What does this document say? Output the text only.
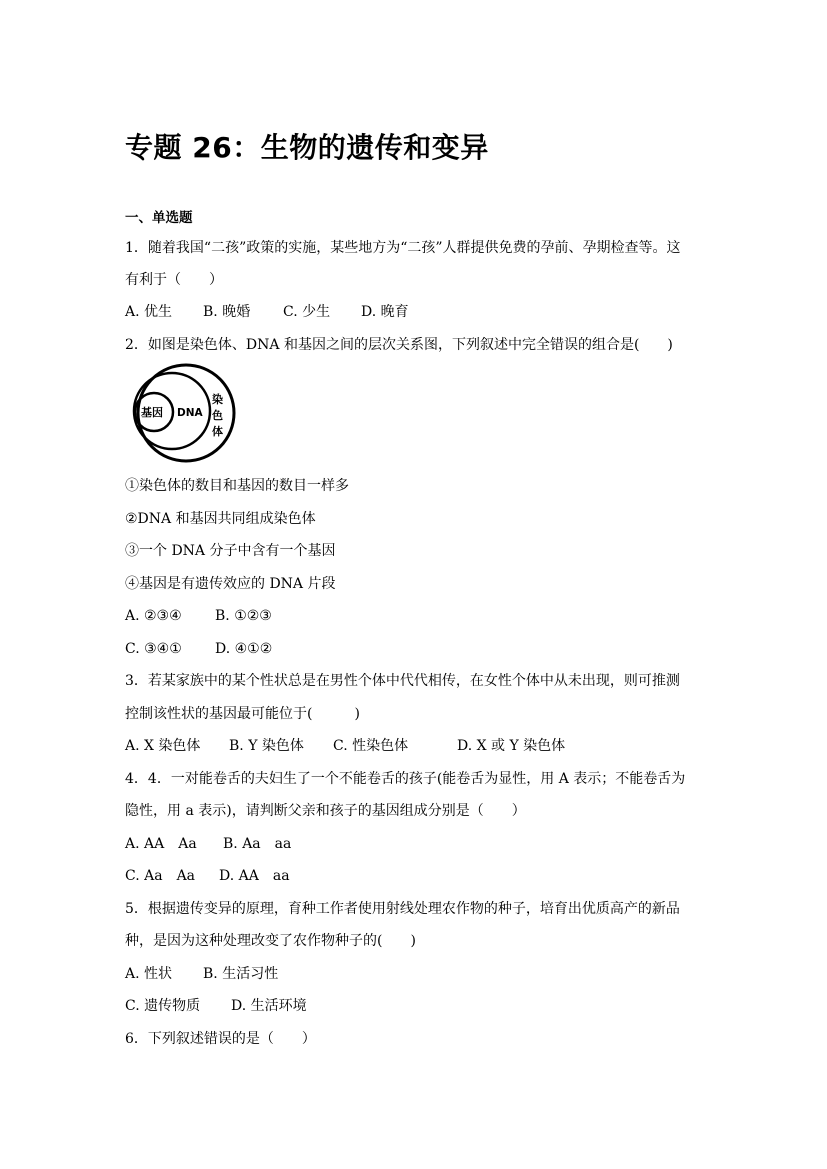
专题 26：生物的遗传和变异
一、单选题
1．随着我国“二孩”政策的实施，某些地方为“二孩”人群提供免费的孕前、孕期检查等。这
有利于（　　）
A. 优生 B. 晚婚 C. 少生 D. 晚育
2．如图是染色体、DNA 和基因之间的层次关系图，下列叙述中完全错误的组合是(　　)
基因 DNA
染
色
体
①染色体的数目和基因的数目一样多
②DNA 和基因共同组成染色体
③一个 DNA 分子中含有一个基因
④基因是有遗传效应的 DNA 片段
A. ②③④ B. ①②③
C. ③④① D. ④①②
3．若某家族中的某个性状总是在男性个体中代代相传，在女性个体中从未出现，则可推测
控制该性状的基因最可能位于(　　　)
A. X 染色体 B. Y 染色体 C. 性染色体	D. X 或 Y 染色体
4．4．一对能卷舌的夫妇生了一个不能卷舌的孩子(能卷舌为显性，用 A 表示；不能卷舌为
隐性，用 a 表示)，请判断父亲和孩子的基因组成分别是（　　）
A. AA　Aa B. Aa　aa
C. Aa　Aa D. AA　aa
5．根据遗传变异的原理，育种工作者使用射线处理农作物的种子，培育出优质高产的新品
种，是因为这种处理改变了农作物种子的(　　)
A. 性状 B. 生活习性
C. 遗传物质 D. 生活环境
6．下列叙述错误的是（　　）
